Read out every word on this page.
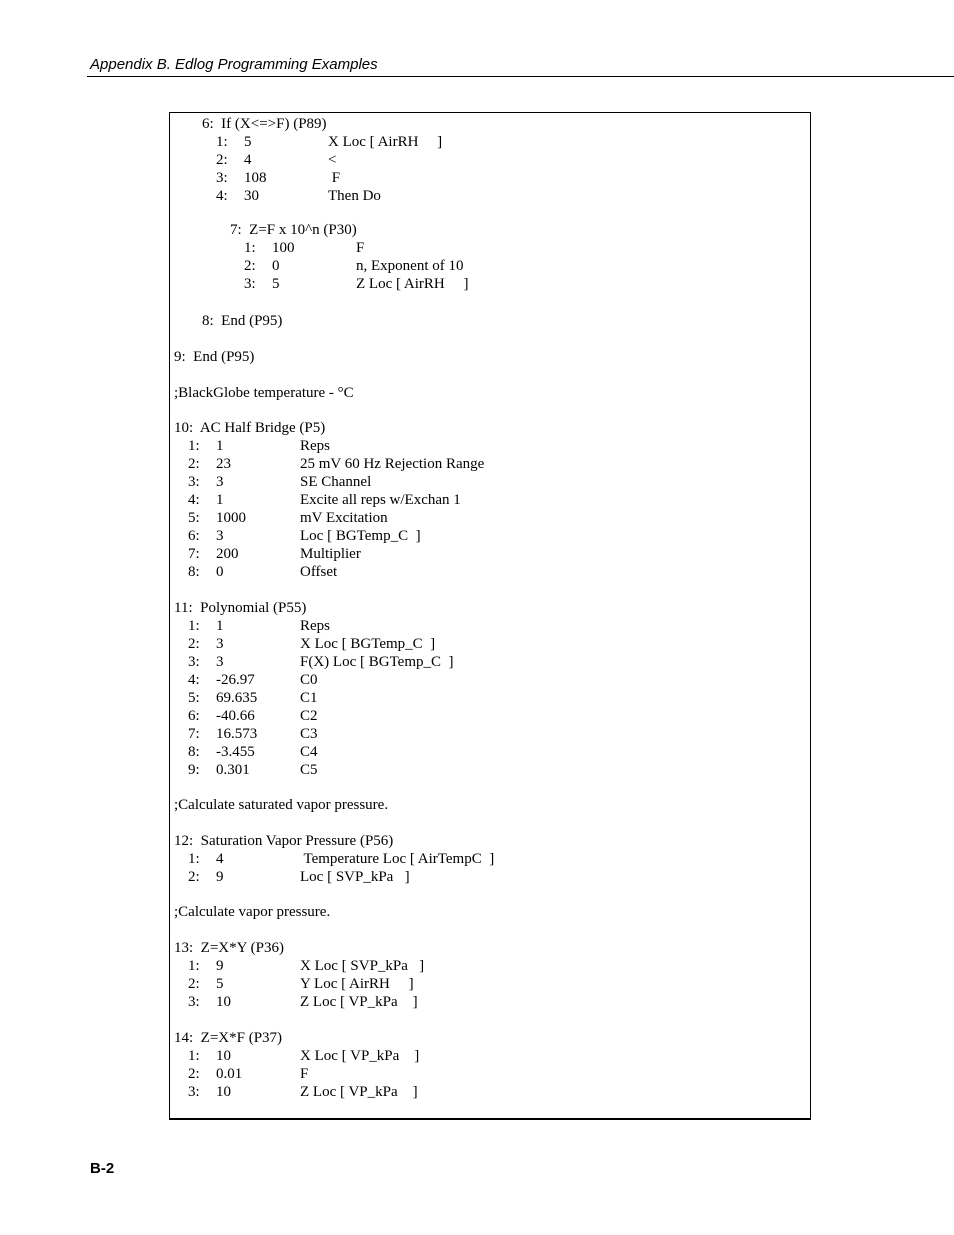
Appendix B. Edlog Programming Examples
6:  If (X<=>F) (P89)
1: 5	X Loc [ AirRH     ]
2: 4	<
3: 108	F
4: 30	Then Do
7:  Z=F x 10^n (P30)
1: 100	F
2: 0	n, Exponent of 10
3: 5	Z Loc [ AirRH     ]
8:  End (P95)
9:  End (P95)
;BlackGlobe temperature - °C
10:  AC Half Bridge (P5)
1: 1	Reps
2: 23	25 mV 60 Hz Rejection Range
3: 3	SE Channel
4: 1	Excite all reps w/Exchan 1
5: 1000	mV Excitation
6: 3	Loc [ BGTemp_C  ]
7: 200	Multiplier
8: 0	Offset
11:  Polynomial (P55)
1: 1	Reps
2: 3	X Loc [ BGTemp_C  ]
3: 3	F(X) Loc [ BGTemp_C  ]
4: -26.97	C0
5: 69.635	C1
6: -40.66	C2
7: 16.573	C3
8: -3.455	C4
9: 0.301	C5
;Calculate saturated vapor pressure.
12:  Saturation Vapor Pressure (P56)
1: 4	Temperature Loc [ AirTempC  ]
2: 9	Loc [ SVP_kPa   ]
;Calculate vapor pressure.
13:  Z=X*Y (P36)
1: 9	X Loc [ SVP_kPa   ]
2: 5	Y Loc [ AirRH     ]
3: 10	Z Loc [ VP_kPa    ]
14:  Z=X*F (P37)
1: 10	X Loc [ VP_kPa    ]
2: 0.01	F
3: 10	Z Loc [ VP_kPa    ]
B-2
